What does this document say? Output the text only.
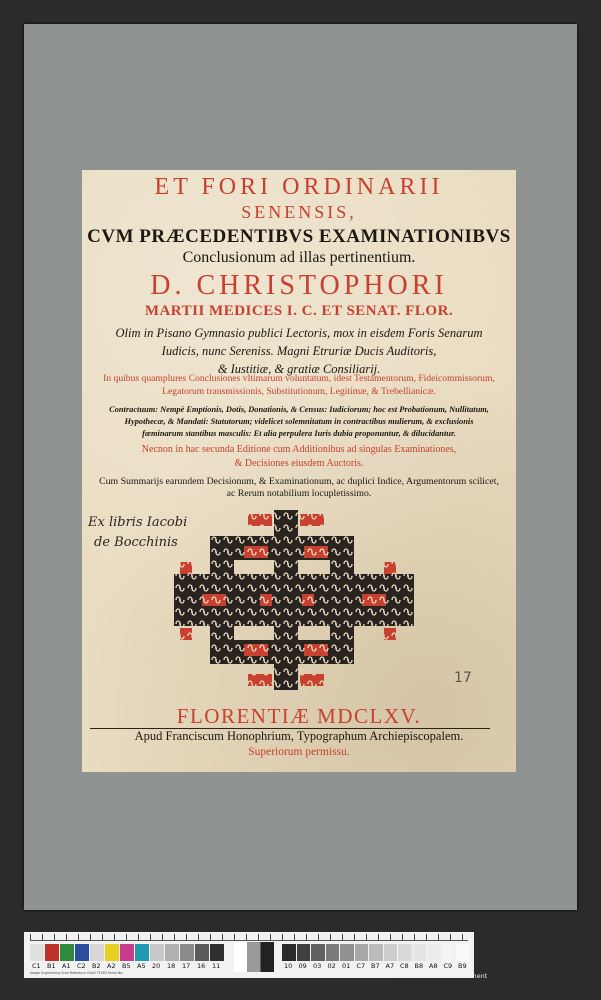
ET FORI ORDINARII
SENENSIS,
CVM PRÆCEDENTIBVS EXAMINATIONIBVS
Conclusionum ad illas pertinentium.
D. CHRISTOPHORI
MARTII MEDICES I. C. ET SENAT. FLOR.
Olim in Pisano Gymnasio publici Lectoris, mox in eisdem Foris Senarum
Iudicis, nunc Sereniss. Magni Etruriæ Ducis Auditoris,
& Iustitiæ, & gratiæ Consiliarij.
In quibus quamplures Conclusiones vltimarum voluntatum, idest Testamentorum, Fideicommissorum,
Legatorum transmissionis, Substitutionum, Legitimæ, & Trebellianicæ.
Contractuum: Nempè Emptionis, Dotis, Donationis, & Census: Iudiciorum; hoc est Probationum, Nullitatum,
Hypothecæ, & Mandati: Statutorum; videlicet solemnitatum in contractibus mulierum, & exclusionis
fœminarum stantibus masculis: Et alia perpulera Iuris dubia proponuntur, & dilucidantur.
Necnon in hac secunda Editione cum Additionibus ad singulas Examinationes,
& Decisiones eiusdem Auctoris.
Cum Summarijs earundem Decisionum, & Examinationum, ac duplici Indice, Argumentorum scilicet,
ac Rerum notabilium locupletissimo.
Ex libris Iacobi
de Bocchinis
17
FLORENTIÆ MDCLXV.
Apud Franciscum Honophrium, Typographum Archiepiscopalem.
Superiorum permissu.
C1 B1 A1 C2 B2 A2 B5 A5 20 18 17 16 11	10 09 03 02 01 C7 B7 A7 C8 B8 A8 C9 B9
Image Engineering Scan Reference Chart TE263 Serial No.	the scale towards document
